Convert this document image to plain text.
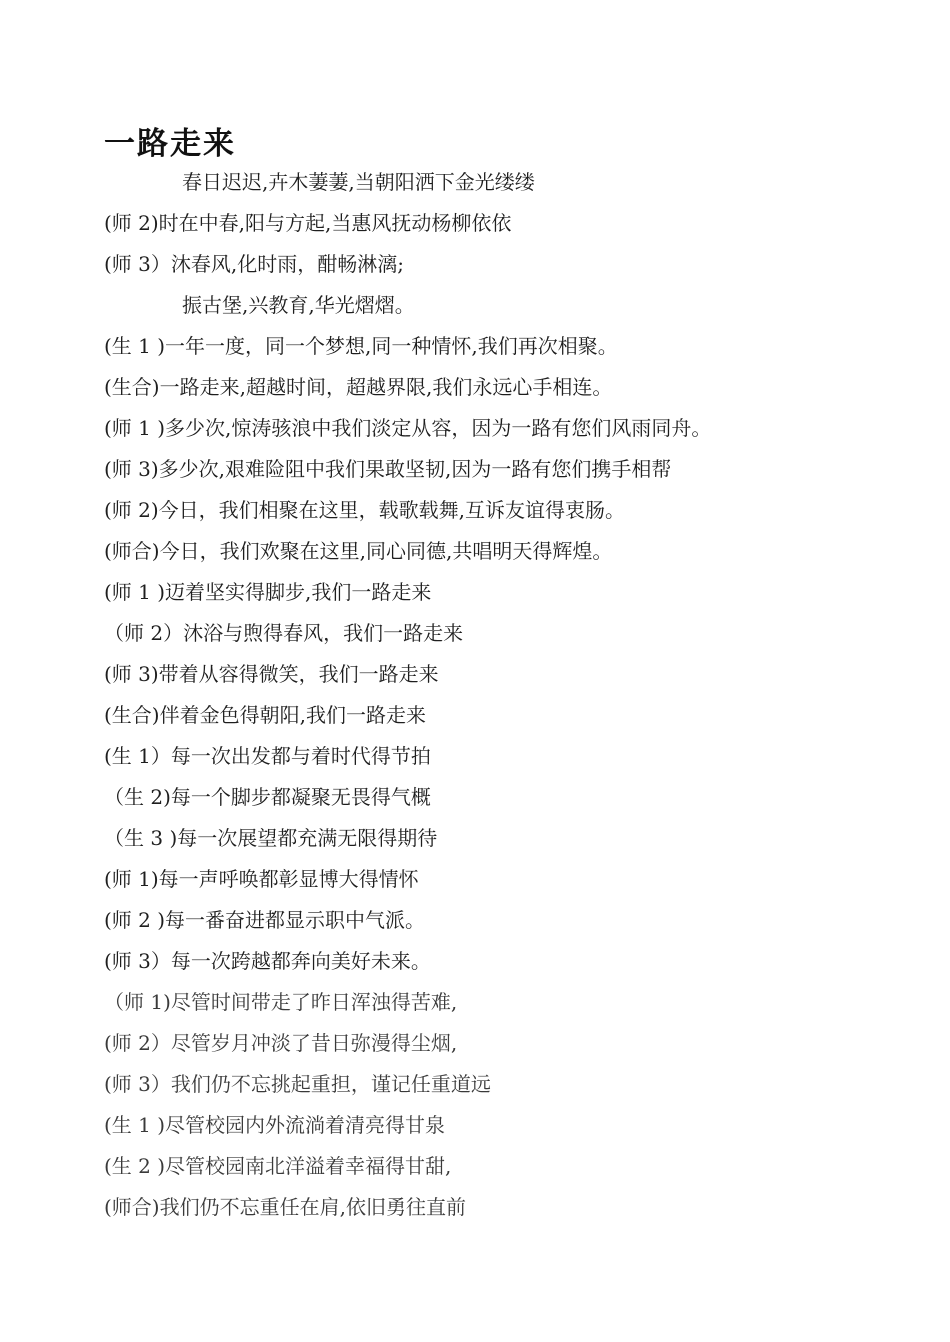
一路走来
春日迟迟,卉木萋萋,当朝阳洒下金光缕缕
(师 2)时在中春,阳与方起,当惠风抚动杨柳依依
(师 3）沐春风,化时雨，酣畅淋漓;
振古堡,兴教育,华光熠熠。
(生 1 )一年一度，同一个梦想,同一种情怀,我们再次相聚。
(生合)一路走来,超越时间，超越界限,我们永远心手相连。
(师 1 )多少次,惊涛骇浪中我们淡定从容，因为一路有您们风雨同舟。
(师 3)多少次,艰难险阻中我们果敢坚韧,因为一路有您们携手相帮
(师 2)今日，我们相聚在这里，载歌载舞,互诉友谊得衷肠。
(师合)今日，我们欢聚在这里,同心同德,共唱明天得辉煌。
(师 1 )迈着坚实得脚步,我们一路走来
（师 2）沐浴与煦得春风，我们一路走来
(师 3)带着从容得微笑，我们一路走来
(生合)伴着金色得朝阳,我们一路走来
(生 1）每一次出发都与着时代得节拍
（生 2)每一个脚步都凝聚无畏得气概
（生 3 )每一次展望都充满无限得期待
(师 1)每一声呼唤都彰显博大得情怀
(师 2 )每一番奋进都显示职中气派。
(师 3）每一次跨越都奔向美好未来。
（师 1)尽管时间带走了昨日浑浊得苦难,
(师 2）尽管岁月冲淡了昔日弥漫得尘烟,
(师 3）我们仍不忘挑起重担，谨记任重道远
(生 1 )尽管校园内外流淌着清亮得甘泉
(生 2 )尽管校园南北洋溢着幸福得甘甜,
(师合)我们仍不忘重任在肩,依旧勇往直前
